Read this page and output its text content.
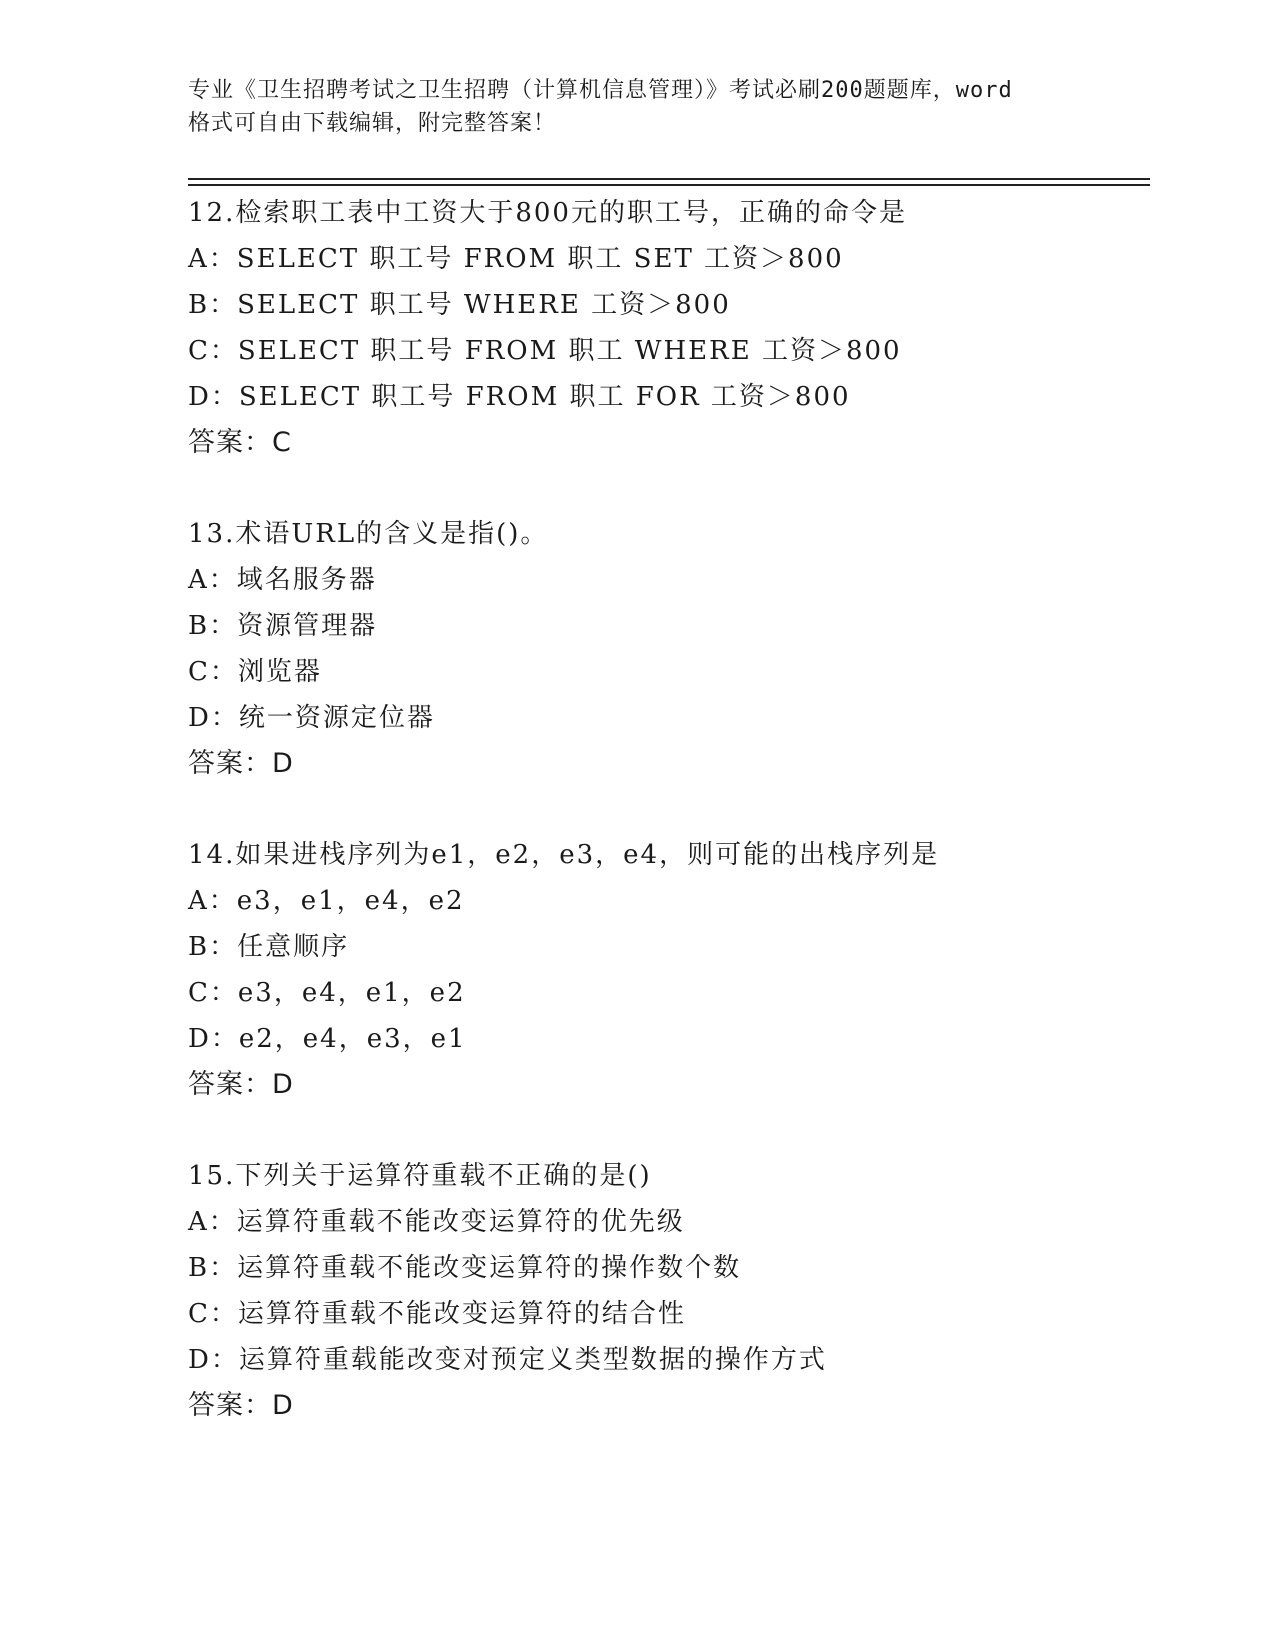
专业《卫生招聘考试之卫生招聘（计算机信息管理）》考试必刷200题题库，word
格式可自由下载编辑，附完整答案！
12.检索职工表中工资大于800元的职工号，正确的命令是
A：SELECT 职工号 FROM 职工 SET 工资＞800
B：SELECT 职工号 WHERE 工资＞800
C：SELECT 职工号 FROM 职工 WHERE 工资＞800
D：SELECT 职工号 FROM 职工 FOR 工资＞800
答案：C
13.术语URL的含义是指()。
A：域名服务器
B：资源管理器
C：浏览器
D：统一资源定位器
答案：D
14.如果进栈序列为e1，e2，e3，e4，则可能的出栈序列是
A：e3，e1，e4，e2
B：任意顺序
C：e3，e4，e1，e2
D：e2，e4，e3，e1
答案：D
15.下列关于运算符重载不正确的是()
A：运算符重载不能改变运算符的优先级
B：运算符重载不能改变运算符的操作数个数
C：运算符重载不能改变运算符的结合性
D：运算符重载能改变对预定义类型数据的操作方式
答案：D
